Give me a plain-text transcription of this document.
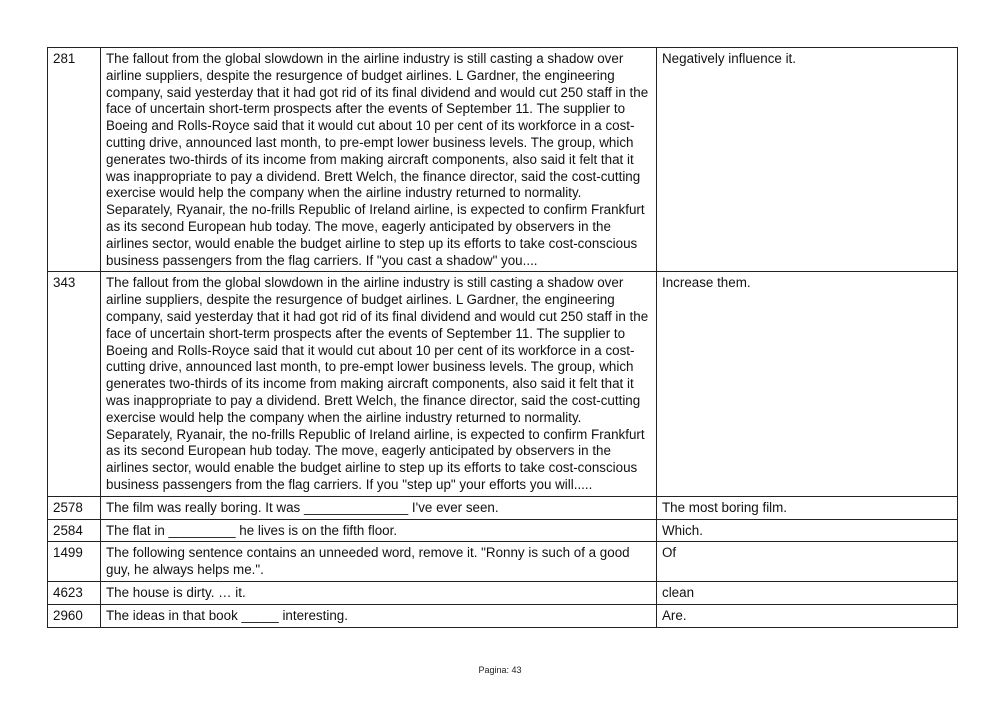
281	The fallout from the global slowdown in the airline industry is still casting a shadow over airline suppliers, despite the resurgence of budget airlines. L Gardner, the engineering company, said yesterday that it had got rid of its final dividend and would cut 250 staff in the face of uncertain short-term prospects after the events of September 11. The supplier to Boeing and Rolls-Royce said that it would cut about 10 per cent of its workforce in a cost-cutting drive, announced last month, to pre-empt lower business levels. The group, which generates two-thirds of its income from making aircraft components, also said it felt that it was inappropriate to pay a dividend. Brett Welch, the finance director, said the cost-cutting exercise would help the company when the airline industry returned to normality. Separately, Ryanair, the no-frills Republic of Ireland airline, is expected to confirm Frankfurt as its second European hub today. The move, eagerly anticipated by observers in the airlines sector, would enable the budget airline to step up its efforts to take cost-conscious business passengers from the flag carriers. If "you cast a shadow" you....	Negatively influence it.
343	The fallout from the global slowdown in the airline industry is still casting a shadow over airline suppliers, despite the resurgence of budget airlines. L Gardner, the engineering company, said yesterday that it had got rid of its final dividend and would cut 250 staff in the face of uncertain short-term prospects after the events of September 11. The supplier to Boeing and Rolls-Royce said that it would cut about 10 per cent of its workforce in a cost-cutting drive, announced last month, to pre-empt lower business levels. The group, which generates two-thirds of its income from making aircraft components, also said it felt that it was inappropriate to pay a dividend. Brett Welch, the finance director, said the cost-cutting exercise would help the company when the airline industry returned to normality. Separately, Ryanair, the no-frills Republic of Ireland airline, is expected to confirm Frankfurt as its second European hub today. The move, eagerly anticipated by observers in the airlines sector, would enable the budget airline to step up its efforts to take cost-conscious business passengers from the flag carriers. If you "step up" your efforts you will.....	Increase them.
2578	The film was really boring. It was ______________ I've ever seen.	The most boring film.
2584	The flat in _________ he lives is on the fifth floor.	Which.
1499	The following sentence contains an unneeded word, remove it. "Ronny is such of a good guy, he always helps me.".	Of
4623	The house is dirty. … it.	clean
2960	The ideas in that book _____ interesting.	Are.
Pagina: 43
